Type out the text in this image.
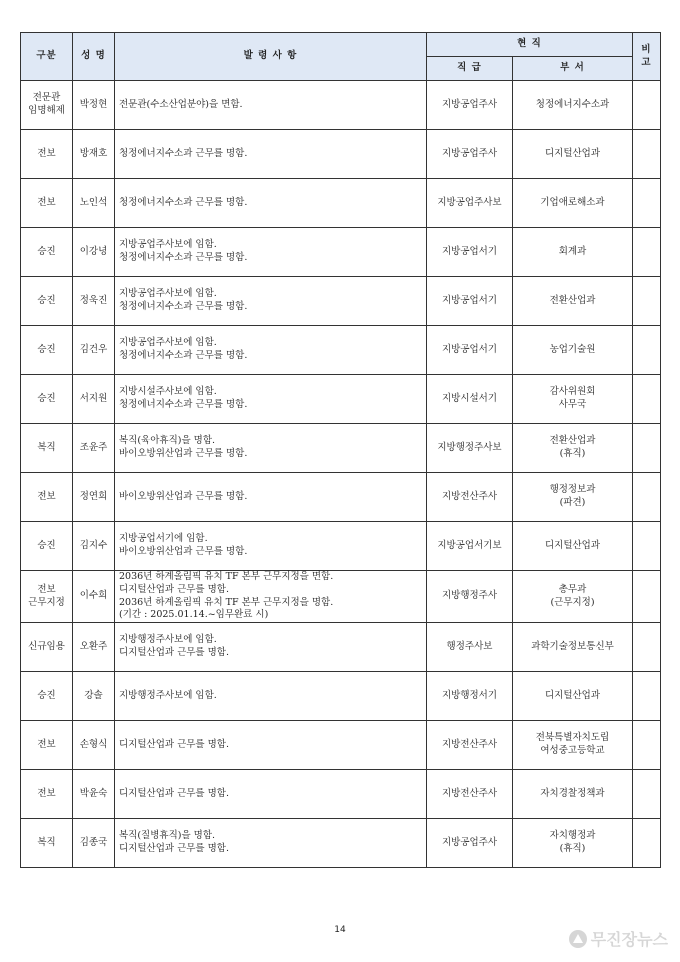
구분	성 명	발 령 사 항	현 직		비고
			직 급	부 서	

전문관
임명해제	박정현	전문관(수소산업분야)을 면함.	지방공업주사	청정에너지수소과	

전보	방재호	청정에너지수소과 근무를 명함.	지방공업주사	디지털산업과	

전보	노인석	청정에너지수소과 근무를 명함.	지방공업주사보	기업애로해소과	

승진	이강녕	지방공업주사보에 임함.
청정에너지수소과 근무를 명함.	지방공업서기	회계과	

승진	정욱진	지방공업주사보에 임함.
청정에너지수소과 근무를 명함.	지방공업서기	전환산업과	

승진	김건우	지방공업주사보에 임함.
청정에너지수소과 근무를 명함.	지방공업서기	농업기술원	

승진	서지원	지방시설주사보에 임함.
청정에너지수소과 근무를 명함.	지방시설서기	감사위원회
사무국	

복직	조윤주	복직(육아휴직)을 명함.
바이오방위산업과 근무를 명함.	지방행정주사보	전환산업과
(휴직)	

전보	정연희	바이오방위산업과 근무를 명함.	지방전산주사	행정정보과
(파견)	

승진	김지수	지방공업서기에 임함.
바이오방위산업과 근무를 명함.	지방공업서기보	디지털산업과	

전보
근무지정	이수희	2036년 하계올림픽 유치 TF 본부 근무지정을 면함.
디지털산업과 근무를 명함.
2036년 하계올림픽 유치 TF 본부 근무지정을 명함.
(기간 : 2025.01.14.~임무완료 시)	지방행정주사	총무과
(근무지정)	

신규임용	오환주	지방행정주사보에 임함.
디지털산업과 근무를 명함.	행정주사보	과학기술정보통신부	

승진	강솔	지방행정주사보에 임함.	지방행정서기	디지털산업과	

전보	손형식	디지털산업과 근무를 명함.	지방전산주사	전북특별자치도립
여성중고등학교	

전보	박윤숙	디지털산업과 근무를 명함.	지방전산주사	자치경찰정책과	

복직	김종국	복직(질병휴직)을 명함.
디지털산업과 근무를 명함.	지방공업주사	자치행정과
(휴직)	

14	무진장뉴스
